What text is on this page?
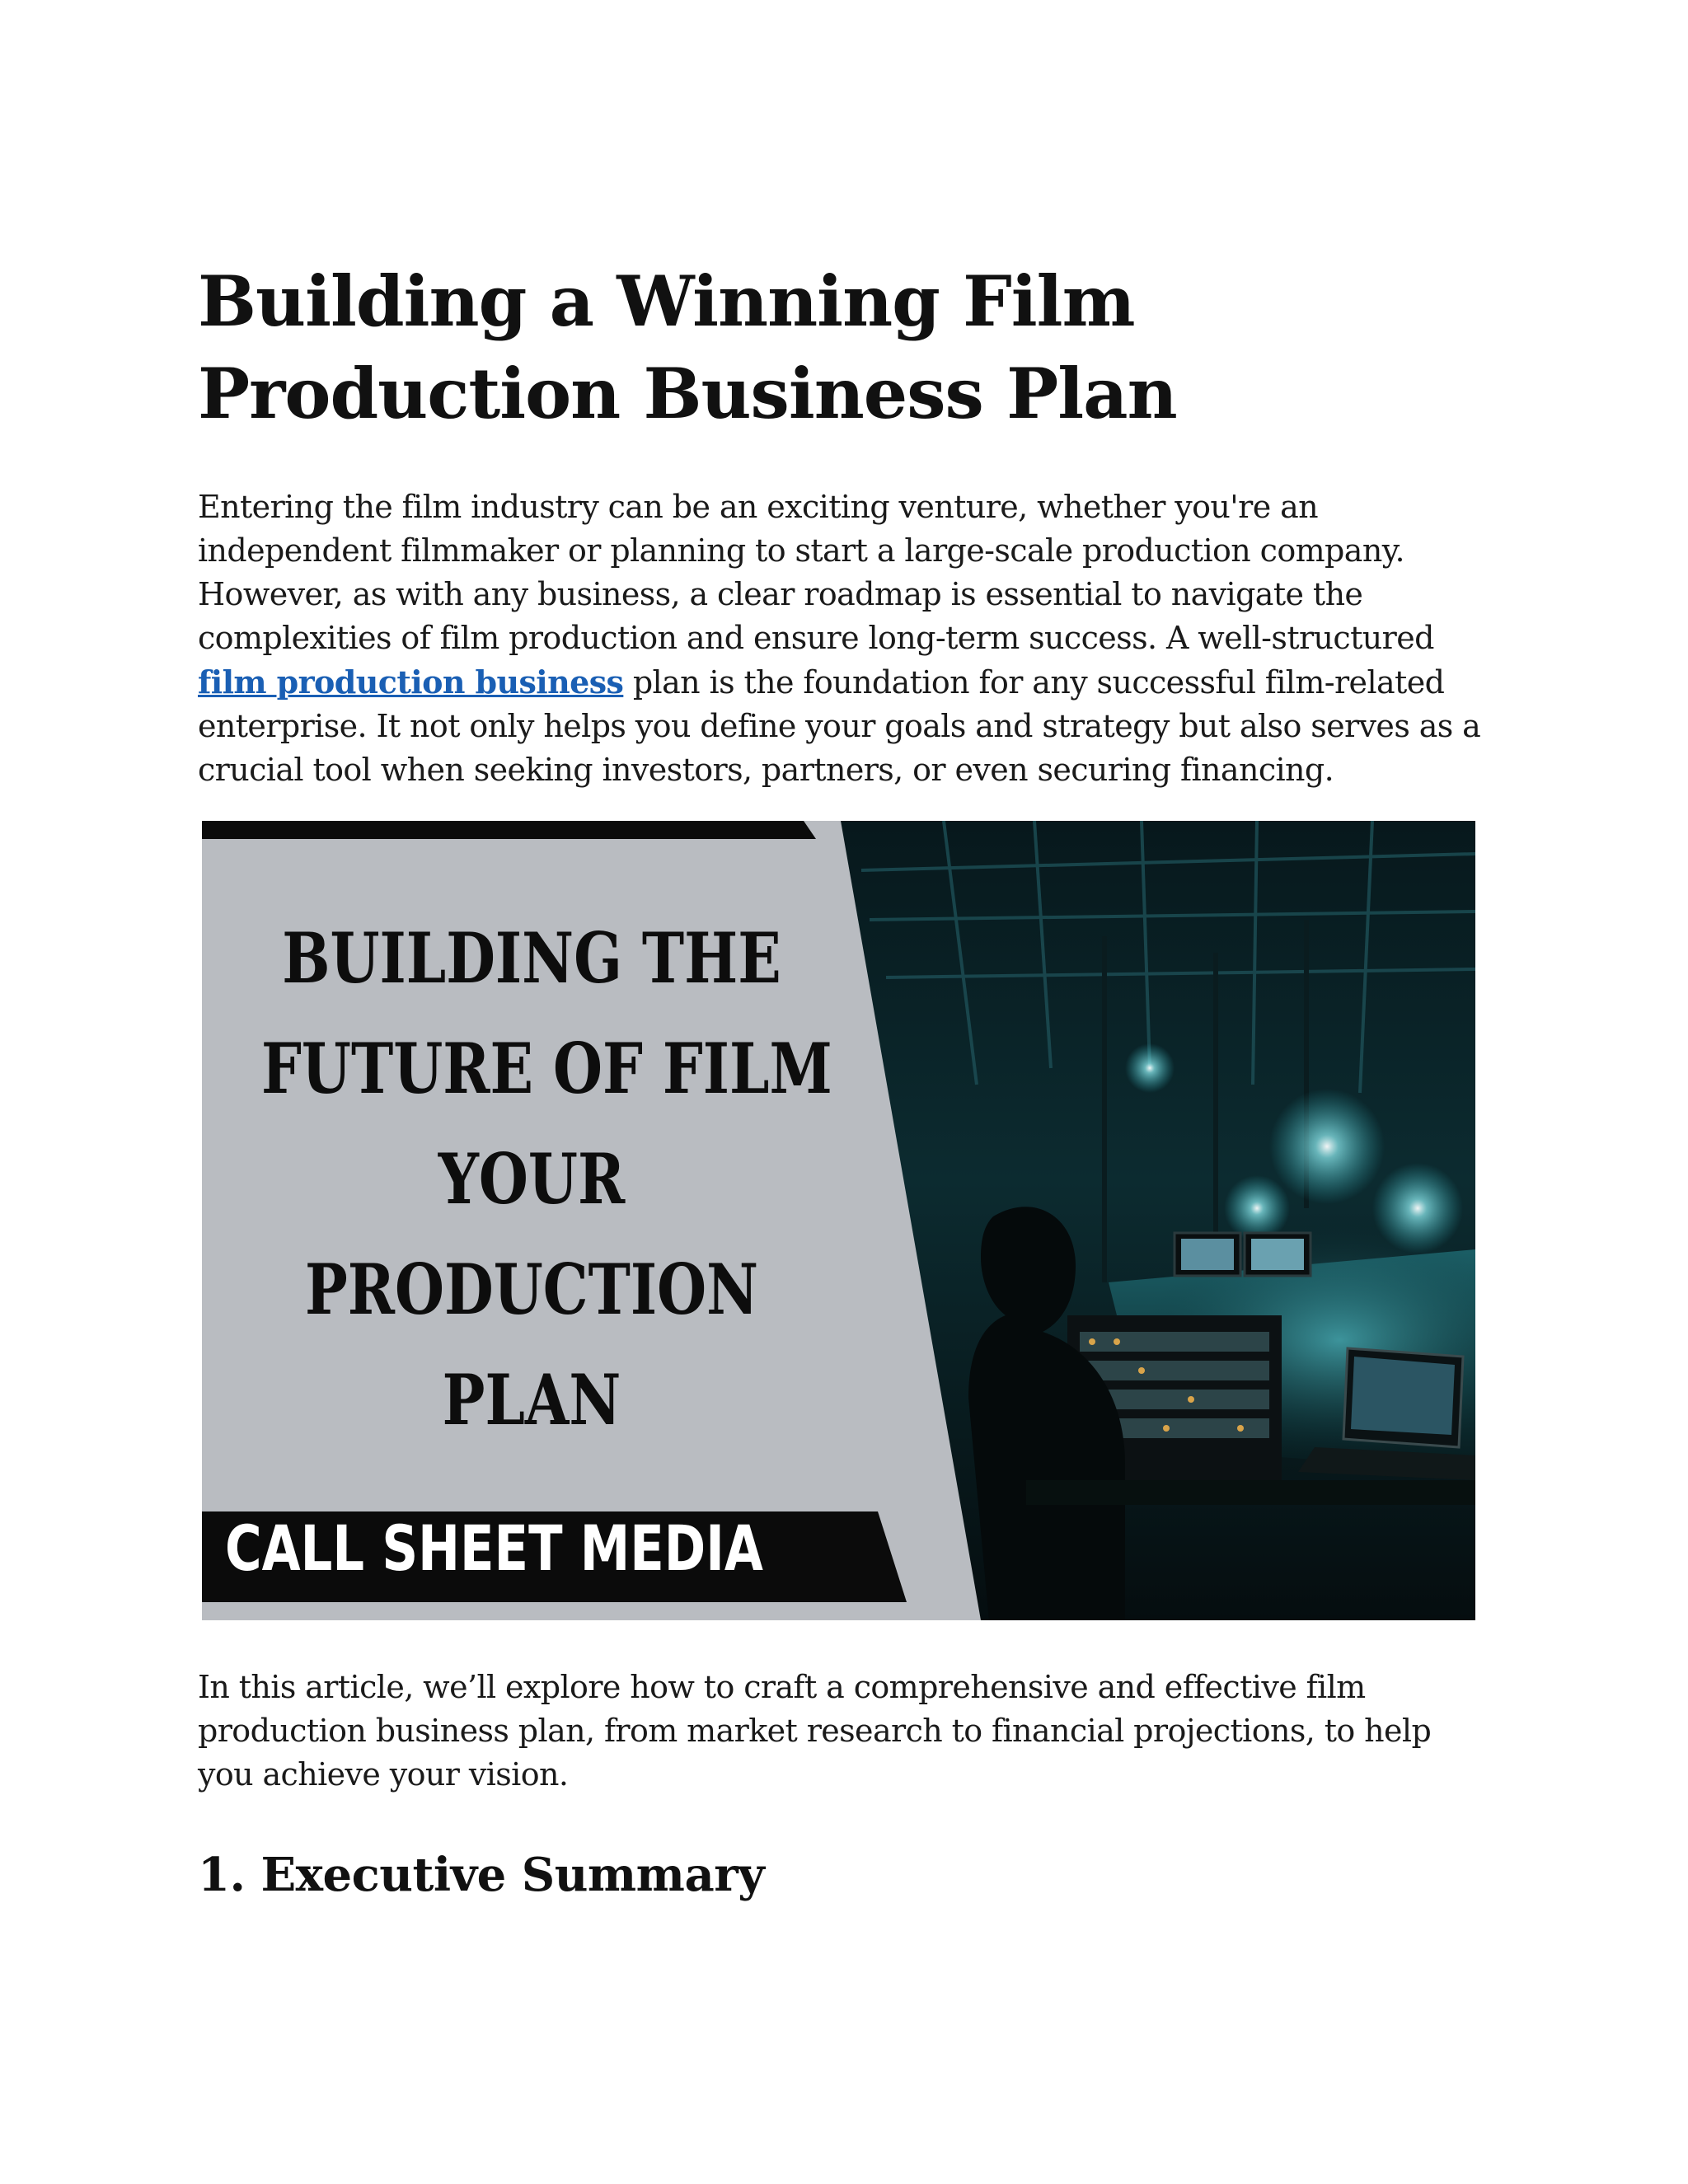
Building a Winning Film Production Business Plan

Entering the film industry can be an exciting venture, whether you're an independent filmmaker or planning to start a large-scale production company. However, as with any business, a clear roadmap is essential to navigate the complexities of film production and ensure long-term success. A well-structured film production business plan is the foundation for any successful film-related enterprise. It not only helps you define your goals and strategy but also serves as a crucial tool when seeking investors, partners, or even securing financing.

BUILDING THE
FUTURE OF FILM
YOUR
PRODUCTION
PLAN
CALL SHEET MEDIA

In this article, we’ll explore how to craft a comprehensive and effective film production business plan, from market research to financial projections, to help you achieve your vision.

1. Executive Summary
